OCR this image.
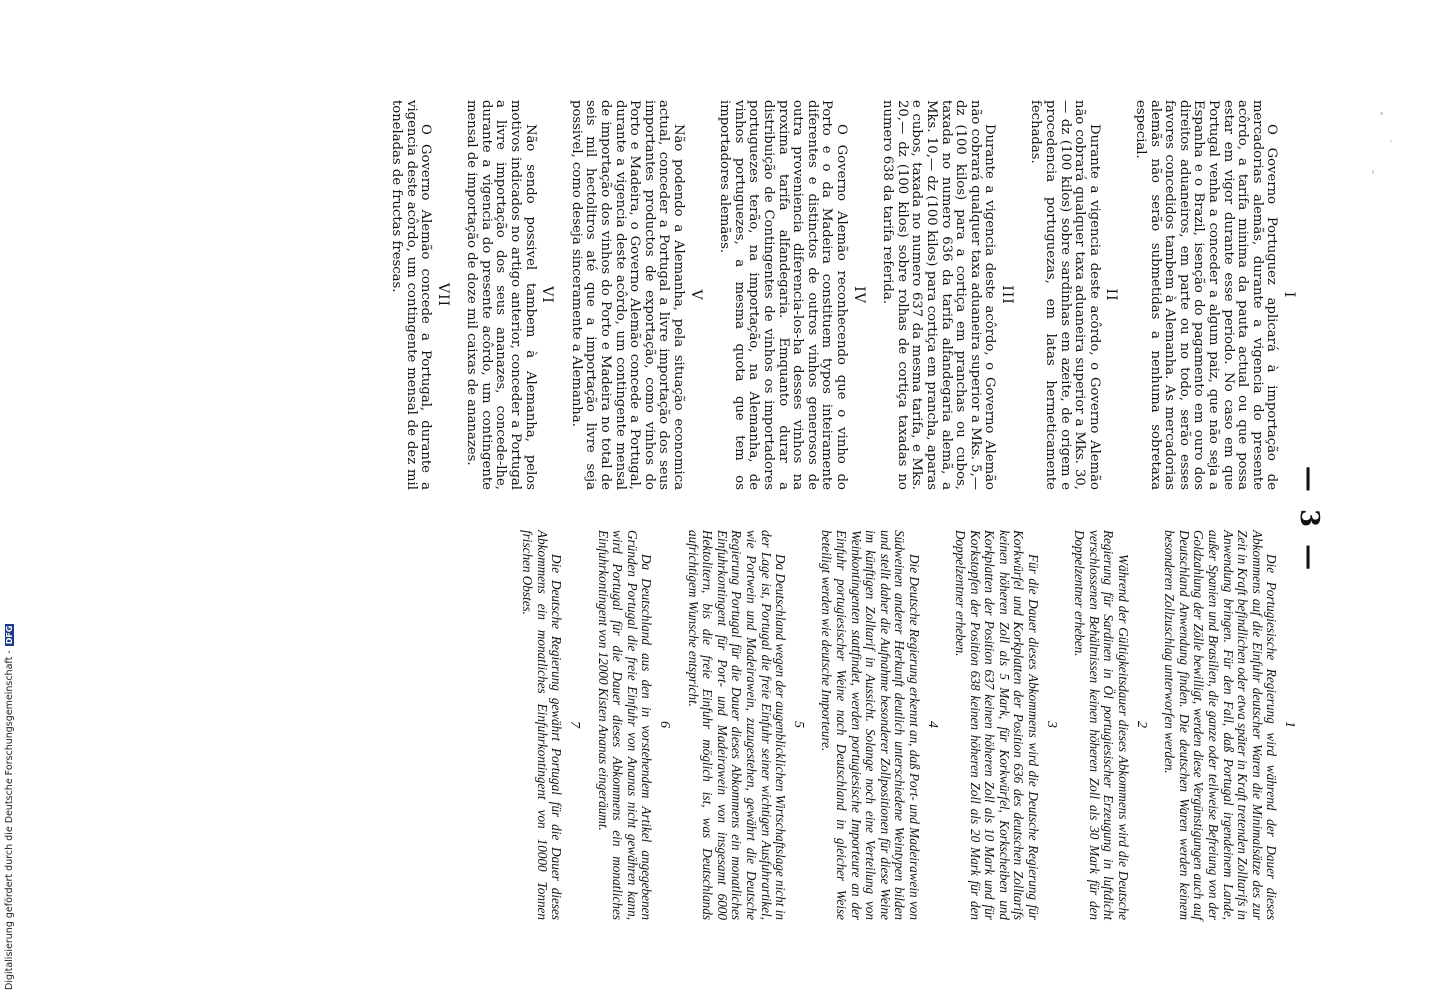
— 3 —
I

O Governo Portuguez aplicará à importação de mercadorias alemãs, durante a vigencia do presente acôrdo, a tarifa minima da pauta actual ou que possa estar em vigor durante esse periodo. No caso em que Portugal venha a conceder a algum paiz, que não seja a Espanha e o Brazil, isenção do pagamento em ouro dos direitos aduaneiros, em parte ou no todo, serão esses favores concedidos tambem à Alemanha. As mercadorias alemãs não serão submetidas a nenhuma sobretaxa especial.

II

Durante a vigencia deste acôrdo, o Governo Alemão não cobrará qualquer taxa aduaneira superior a Mks. 30,— dz (100 kilos) sobre sardinhas em azeite, de origem e procedencia portuguezas, em latas hermeticamente fechadas.

III

Durante a vigencia deste acôrdo, o Governo Alemão não cobrará qualquer taxa aduaneira superior a Mks. 5,— dz (100 kilos) para a cortiça em pranchas ou cubos, taxada no numero 636 da tarifa alfandegaria alemã, a Mks. 10,— dz (100 kilos) para cortiça em prancha, aparas e cubos, taxada no numero 637 da mesma tarifa, e Mks. 20,— dz (100 kilos) sobre rolhas de cortiça taxadas no numero 638 da tarifa referida.

IV

O Governo Alemão reconhecendo que o vinho do Porto e o da Madeira constituem typos inteiramente diferentes e distinctos de outros vinhos generosos de outra proveniencia diferencia-los-ha desses vinhos na proxima tarifa alfandegaria. Emquanto durar a distribuição de Contingentes de vinhos os importadores portuguezes terão, na importação, na Alemanha, de vinhos portuguezes, a mesma quota que tem os importadores alemães.

V

Não podendo a Alemanha, pela situação economica actual, conceder a Portugal a livre importação dos seus importantes productos de exportação, como vinhos do Porto e Madeira, o Governo Alemão concede a Portugal, durante a vigencia deste acôrdo, um contingente mensal de importação dos vinhos do Porto e Madeira no total de seis mil hectolitros até que a importação livre seja possivel, como deseja sinceramente a Alemanha.

VI

Não sendo possivel tambem à Alemanha, pelos motivos indicados no artigo anterior, conceder a Portugal a livre importação dos seus ananazes, concede-lhe, durante a vigencia do presente acôrdo, um contingente mensal de importação de doze mil caixas de ananazes.

VII

O Governo Alemão concede a Portugal, durante a vigencia deste acôrdo, um contingente mensal de dez mil toneladas de fructas frescas.

1

Die Portugiesische Regierung wird während der Dauer dieses Abkommens auf die Einfuhr deutscher Waren die Minimalsätze des zur Zeit in Kraft befindlichen oder etwa später in Kraft tretenden Zolltarifs in Anwendung bringen. Für den Fall, daß Portugal irgendeinem Lande, außer Spanien und Brasilien, die ganze oder teilweise Befreiung von der Goldzahlung der Zölle bewilligt, werden diese Vergünstigungen auch auf Deutschland Anwendung finden. Die deutschen Waren werden keinem besonderen Zollzuschlag unterworfen werden.

2

Während der Gültigkeitsdauer dieses Abkommens wird die Deutsche Regierung für Sardinen in Öl portugiesischer Erzeugung in luftdicht verschlossenen Behältnissen keinen höheren Zoll als 30 Mark für den Doppelzentner erheben.

3

Für die Dauer dieses Abkommens wird die Deutsche Regierung für Korkwürfel und Korkplatten der Position 636 des deutschen Zolltarifs keinen höheren Zoll als 5 Mark, für Korkwürfel, Korkscheiben und Korkplatten der Position 637 keinen höheren Zoll als 10 Mark und für Korkstopfen der Position 638 keinen höheren Zoll als 20 Mark für den Doppelzentner erheben.

4

Die Deutsche Regierung erkennt an, daß Port- und Madeirawein von Südweinen anderer Herkunft deutlich unterschiedene Weintypen bilden und stellt daher die Aufnahme besonderer Zollpositionen für diese Weine im künftigen Zolltarif in Aussicht. Solange noch eine Verteilung von Weinkontingenten stattfindet, werden portugiesische Importeure an der Einfuhr portugiesischer Weine nach Deutschland in gleicher Weise beteiligt werden wie deutsche Importeure.

5

Da Deutschland wegen der augenblicklichen Wirtschaftslage nicht in der Lage ist, Portugal die freie Einfuhr seiner wichtigen Ausfuhrartikel, wie Portwein und Madeirawein, zuzugestehen, gewährt die Deutsche Regierung Portugal für die Dauer dieses Abkommens ein monatliches Einfuhrkontingent für Port- und Madeirawein von insgesamt 6000 Hektolitern, bis die freie Einfuhr möglich ist, was Deutschlands aufrichtigem Wunsche entspricht.

6

Da Deutschland aus den in vorstehendem Artikel angegebenen Gründen Portugal die freie Einfuhr von Ananas nicht gewähren kann, wird Portugal für die Dauer dieses Abkommens ein monatliches Einfuhrkontingent von 12000 Kisten Ananas eingeräumt.

7

Die Deutsche Regierung gewährt Portugal für die Dauer dieses Abkommens ein monatliches Einfuhrkontingent von 10000 Tonnen frischen Obstes.

Digitalisierung gefördert durch die Deutsche Forschungsgemeinschaft -DFG
